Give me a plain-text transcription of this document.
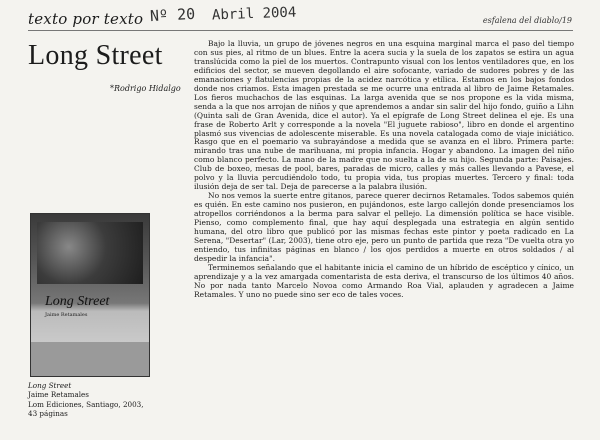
texto por texto Nº 20 Abril 2004	esfalena del diablo/19
Long Street
*Rodrigo Hidalgo
Long Street
Jaime Retamales
Long Street
Jaime Retamales
Lom Ediciones, Santiago, 2003,
43 páginas

Bajo la lluvia, un grupo de jóvenes negros en una esquina marginal marca el paso del tiempo con sus pies, al ritmo de un blues. Entre la acera sucia y la suela de los zapatos se estira un agua translúcida como la piel de los muertos. Contrapunto visual con los lentos ventiladores que, en los edificios del sector, se mueven degollando el aire sofocante, variado de sudores pobres y de las emanaciones y flatulencias propias de la acidez narcótica y etílica. Estamos en los bajos fondos donde nos criamos. Esta imagen prestada se me ocurre una entrada al libro de Jaime Retamales. Los fieros muchachos de las esquinas. La larga avenida que se nos propone es la vida misma, senda a la que nos arrojan de niños y que aprendemos a andar sin salir del hijo fondo, guiño a Lihn (Quinta sali de Gran Avenida, dice el autor). Ya el epígrafe de Long Street delinea el eje. Es una frase de Roberto Arlt y corresponde a la novela "El juguete rabioso", libro en donde el argentino plasmó sus vivencias de adolescente miserable. Es una novela catalogada como de viaje iniciático. Rasgo que en el poemario va subrayándose a medida que se avanza en el libro. Primera parte: mirando tras una nube de marihuana, mi propia infancia. Hogar y abandono. La imagen del niño como blanco perfecto. La mano de la madre que no suelta a la de su hijo. Segunda parte: Paisajes. Club de boxeo, mesas de pool, bares, paradas de micro, calles y más calles llevando a Pavese, el polvo y la lluvia percudiéndolo todo, tu propia vida, tus propias muertes. Tercero y final: toda ilusión deja de ser tal. Deja de parecerse a la palabra ilusión.

No nos vemos la suerte entre gitanos, parece querer decirnos Retamales. Todos sabemos quién es quién. En este camino nos pusieron, en pujándonos, este largo callejón donde presenciamos los atropellos corriéndonos a la berma para salvar el pellejo. La dimensión política se hace visible. Pienso, como complemento final, que hay aquí desplegada una estrategia en algún sentido humana, del otro libro que publicó por las mismas fechas este pintor y poeta radicado en La Serena, "Desertar" (Lar, 2003), tiene otro eje, pero un punto de partida que reza "De vuelta otra yo entiendo, tus infinitas páginas en blanco / los ojos perdidos a muerte en otros soldados / al despedir la infancia".

Terminemos señalando que el habitante inicia el camino de un híbrido de escéptico y cínico, un aprendizaje y a la vez amargada comentarista de esta deriva, el transcurso de los últimos 40 años. No por nada tanto Marcelo Novoa como Armando Roa Vial, aplauden y agradecen a Jaime Retamales. Y uno no puede sino ser eco de tales voces.
